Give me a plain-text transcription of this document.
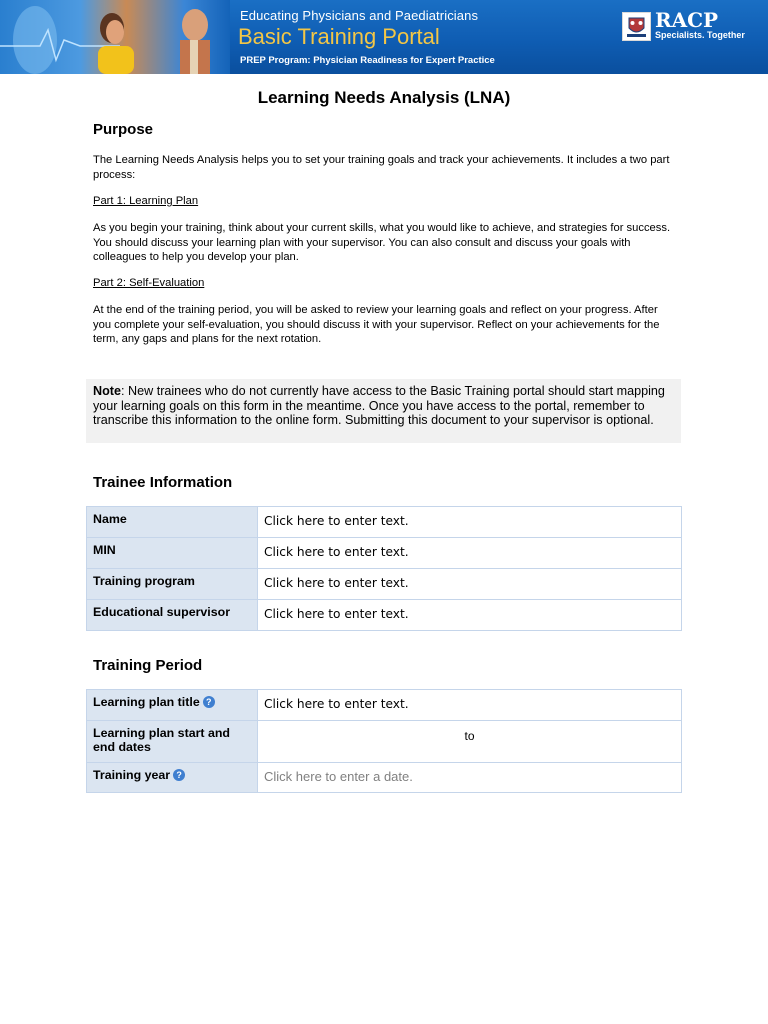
Educating Physicians and Paediatricians
Basic Training Portal
PREP Program: Physician Readiness for Expert Practice
RACP
Specialists. Together
Learning Needs Analysis (LNA)
Purpose
The Learning Needs Analysis helps you to set your training goals and track your achievements. It includes a two part process:
Part 1: Learning Plan
As you begin your training, think about your current skills, what you would like to achieve, and strategies for success. You should discuss your learning plan with your supervisor. You can also consult and discuss your goals with colleagues to help you develop your plan.
Part 2: Self-Evaluation
At the end of the training period, you will be asked to review your learning goals and reflect on your progress. After you complete your self-evaluation, you should discuss it with your supervisor. Reflect on your achievements for the term, any gaps and plans for the next rotation.
Note: New trainees who do not currently have access to the Basic Training portal should start mapping your learning goals on this form in the meantime. Once you have access to the portal, remember to transcribe this information to the online form. Submitting this document to your supervisor is optional.
Trainee Information
Name	Click here to enter text.
MIN	Click here to enter text.
Training program	Click here to enter text.
Educational supervisor	Click here to enter text.
Training Period
Learning plan title ?	Click here to enter text.
Learning plan start and end dates	to
Training year ?	Click here to enter a date.
